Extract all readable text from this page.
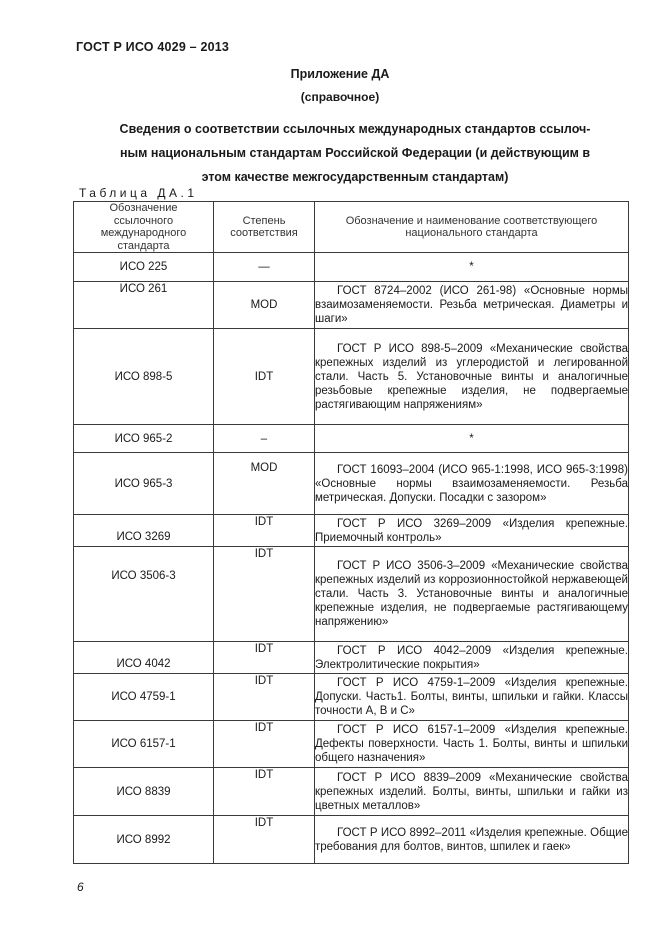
ГОСТ Р ИСО 4029 – 2013
Приложение ДА
(справочное)
Сведения о соответствии ссылочных международных стандартов ссылоч-
ным национальным стандартам Российской Федерации (и действующим в
этом качестве межгосударственным стандартам)
Таблица ДА.1
Обозначение ссылочного международного стандарта	Степень соответствия	Обозначение и наименование соответствующего национального стандарта
ИСО 225	—	*
ИСО 261	MOD	ГОСТ 8724–2002 (ИСО 261-98) «Основные нормы взаимозаменяемости. Резьба метрическая. Диаметры и шаги»
ИСО 898-5	IDT	ГОСТ Р ИСО 898-5–2009 «Механические свойства крепежных изделий из углеродистой и легированной стали. Часть 5. Установочные винты и аналогичные резьбовые крепежные изделия, не подвергаемые растягивающим напряжениям»
ИСО 965-2	–	*
ИСО 965-3	MOD	ГОСТ 16093–2004 (ИСО 965-1:1998, ИСО 965-3:1998) «Основные нормы взаимозаменяемости. Резьба метрическая. Допуски. Посадки с зазором»
ИСО 3269	IDT	ГОСТ Р ИСО 3269–2009 «Изделия крепежные. Приемочный контроль»
ИСО 3506-3	IDT	ГОСТ Р ИСО 3506-3–2009 «Механические свойства крепежных изделий из коррозионностойкой нержавеющей стали. Часть 3. Установочные винты и аналогичные крепежные изделия, не подвергаемые растягивающему напряжению»
ИСО 4042	IDT	ГОСТ Р ИСО 4042–2009 «Изделия крепежные. Электролитические покрытия»
ИСО 4759-1	IDT	ГОСТ Р ИСО 4759-1–2009 «Изделия крепежные. Допуски. Часть1. Болты, винты, шпильки и гайки. Классы точности A, B и C»
ИСО 6157-1	IDT	ГОСТ Р ИСО 6157-1–2009 «Изделия крепежные. Дефекты поверхности. Часть 1. Болты, винты и шпильки общего назначения»
ИСО 8839	IDT	ГОСТ Р ИСО 8839–2009 «Механические свойства крепежных изделий. Болты, винты, шпильки и гайки из цветных металлов»
ИСО 8992	IDT	ГОСТ Р ИСО 8992–2011 «Изделия крепежные. Общие требования для болтов, винтов, шпилек и гаек»
6
